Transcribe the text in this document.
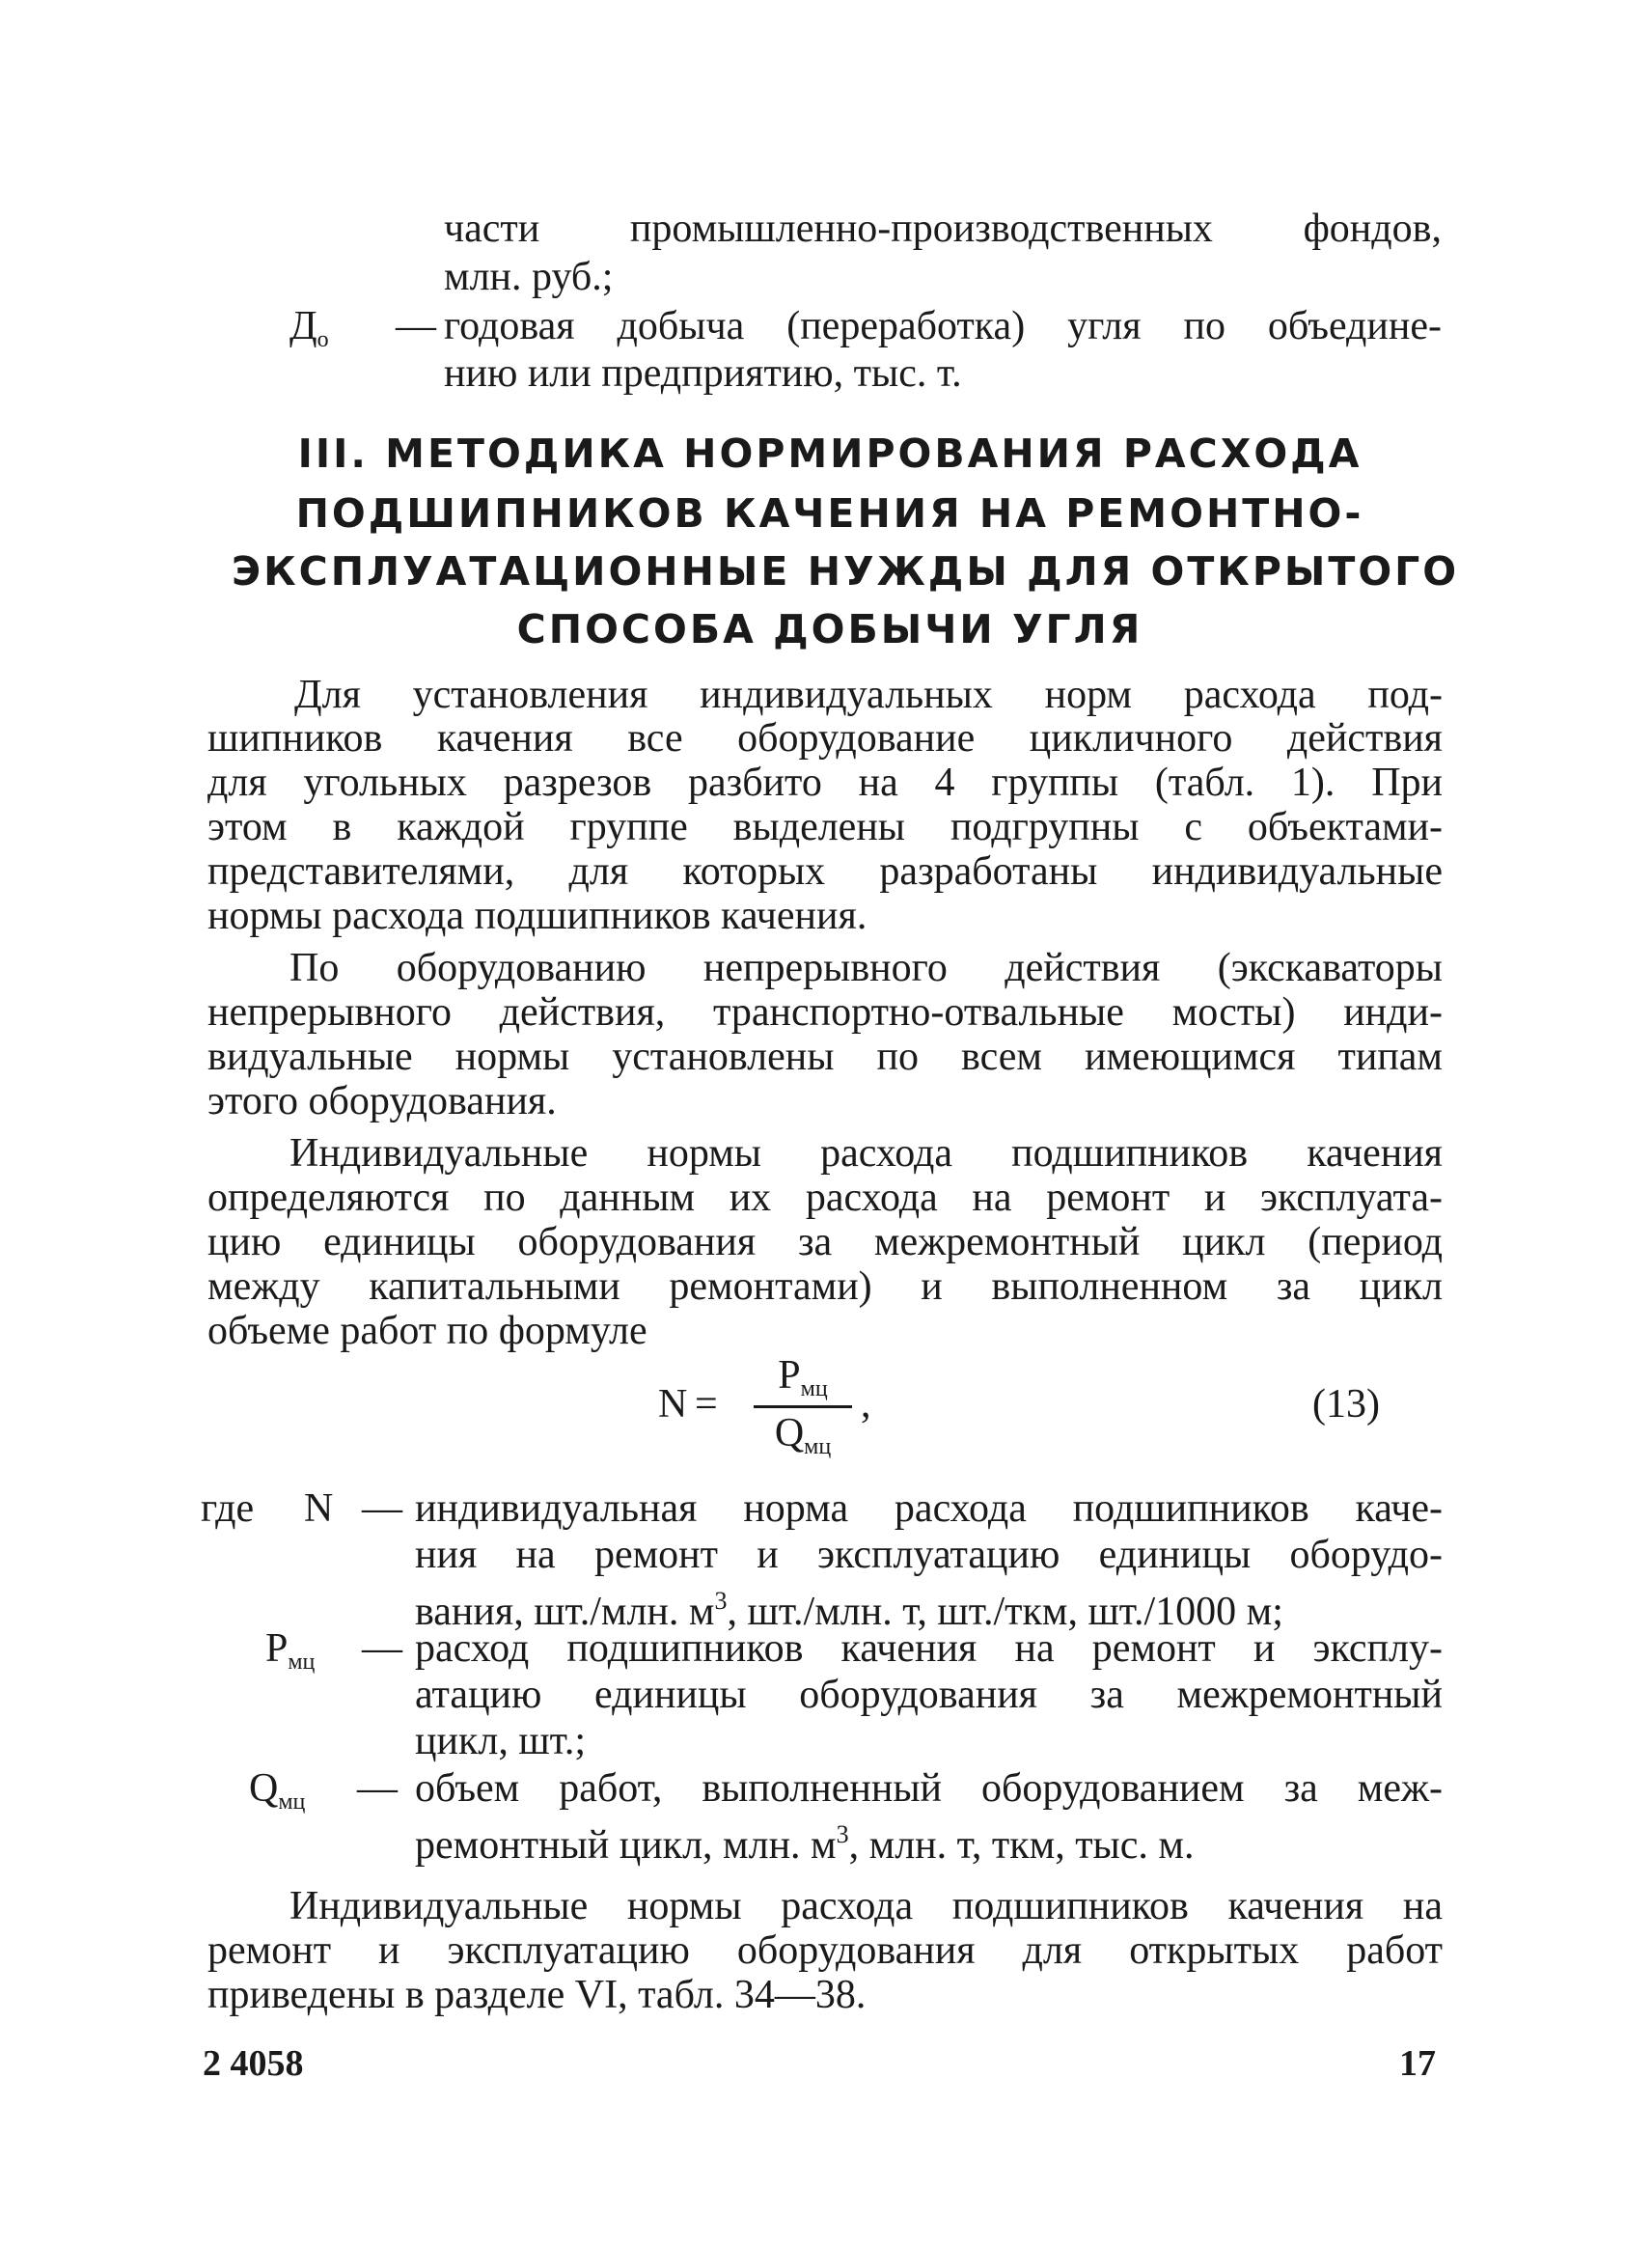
части промышленно-производственных фондов,
млн. руб.;
$Д_о$ — годовая добыча (переработка) угля по объедине-
нию или предприятию, тыс. т.
III. МЕТОДИКА НОРМИРОВАНИЯ РАСХОДА
ПОДШИПНИКОВ КАЧЕНИЯ НА РЕМОНТНО-
ЭКСПЛУАТАЦИОННЫЕ НУЖДЫ ДЛЯ ОТКРЫТОГО
СПОСОБА ДОБЫЧИ УГЛЯ
Для установления индивидуальных норм расхода под-
шипников качения все оборудование цикличного действия
для угольных разрезов разбито на 4 группы (табл. 1). При
этом в каждой группе выделены подгрупны с объектами-
представителями, для которых разработаны индивидуальные
нормы расхода подшипников качения.
По оборудованию непрерывного действия (экскаваторы
непрерывного действия, транспортно-отвальные мосты) инди-
видуальные нормы установлены по всем имеющимся типам
этого оборудования.
Индивидуальные нормы расхода подшипников качения
определяются по данным их расхода на ремонт и эксплуата-
цию единицы оборудования за межремонтный цикл (период
между капитальными ремонтами) и выполненном за цикл
объеме работ по формуле
N =
$P_{мц}$
$Q_{мц}$
,	(13)
где N — индивидуальная норма расхода подшипников каче-
ния на ремонт и эксплуатацию единицы оборудо-
вания, шт./млн. $м^3$, шт./млн. т, шт./ткм, шт./1000 м;
$P_{мц}$ — расход подшипников качения на ремонт и эксплу-
атацию единицы оборудования за межремонтный
цикл, шт.;
$Q_{мц}$ — объем работ, выполненный оборудованием за меж-
ремонтный цикл, млн. $м^3$, млн. т, ткм, тыс. м.
Индивидуальные нормы расхода подшипников качения на
ремонт и эксплуатацию оборудования для открытых работ
приведены в разделе VI, табл. 34—38.
2 4058	17
